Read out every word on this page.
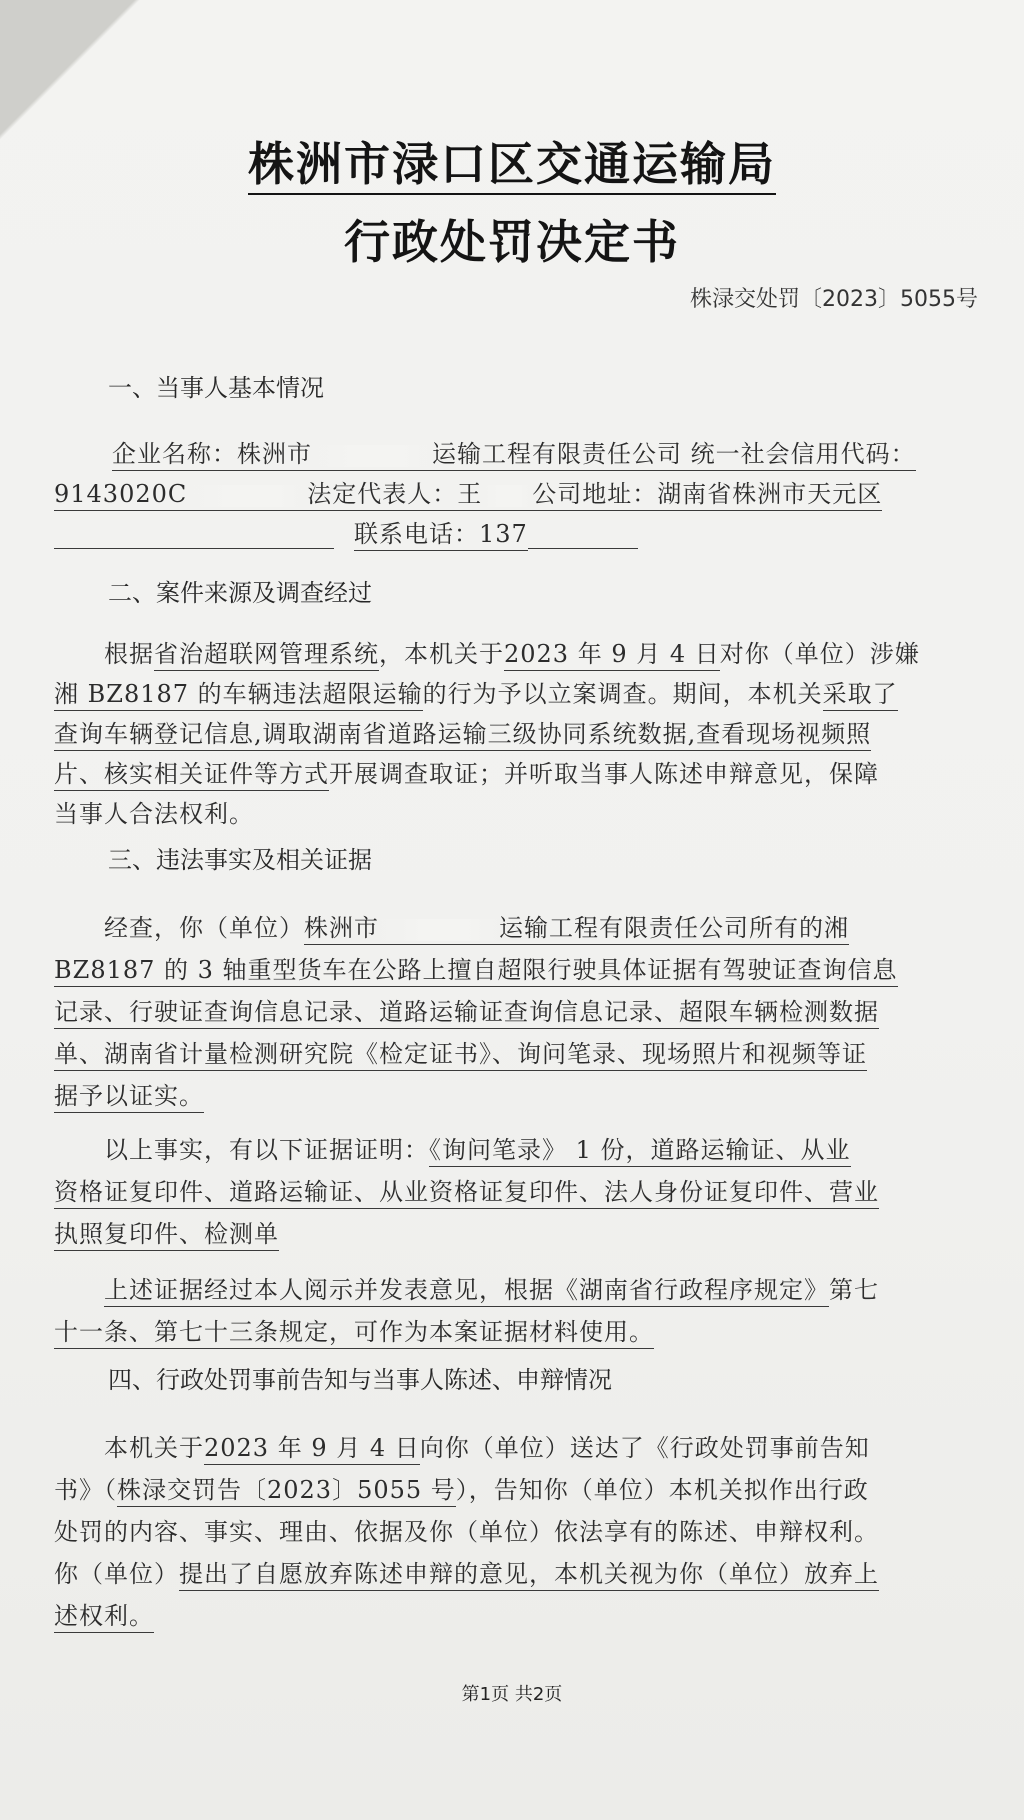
株洲市渌口区交通运输局
行政处罚决定书
株渌交处罚〔2023〕5055号
一、当事人基本情况
企业名称：株洲市	运输工程有限责任公司 统一社会信用代码：
9143020C	法定代表人：王 公司地址：湖南省株洲市天元区
联系电话：137
二、案件来源及调查经过
根据省治超联网管理系统，本机关于2023 年 9 月 4 日对你（单位）涉嫌
湘 BZ8187 的车辆违法超限运输的行为予以立案调查。期间，本机关采取了
查询车辆登记信息,调取湖南省道路运输三级协同系统数据,查看现场视频照
片、核实相关证件等方式开展调查取证；并听取当事人陈述申辩意见，保障
当事人合法权利。
三、违法事实及相关证据
经查，你（单位）株洲市	运输工程有限责任公司所有的湘
BZ8187 的 3 轴重型货车在公路上擅自超限行驶具体证据有驾驶证查询信息
记录、行驶证查询信息记录、道路运输证查询信息记录、超限车辆检测数据
单、湖南省计量检测研究院《检定证书》、询问笔录、现场照片和视频等证
据予以证实。
以上事实，有以下证据证明：《询问笔录》 1 份，道路运输证、从业
资格证复印件、道路运输证、从业资格证复印件、法人身份证复印件、营业
执照复印件、检测单
上述证据经过本人阅示并发表意见，根据《湖南省行政程序规定》第七
十一条、第七十三条规定，可作为本案证据材料使用。
四、行政处罚事前告知与当事人陈述、申辩情况
本机关于2023 年 9 月 4 日向你（单位）送达了《行政处罚事前告知
书》（株渌交罚告〔2023〕5055 号），告知你（单位）本机关拟作出行政
处罚的内容、事实、理由、依据及你（单位）依法享有的陈述、申辩权利。
你（单位）提出了自愿放弃陈述申辩的意见，本机关视为你（单位）放弃上
述权利。
第1页 共2页
